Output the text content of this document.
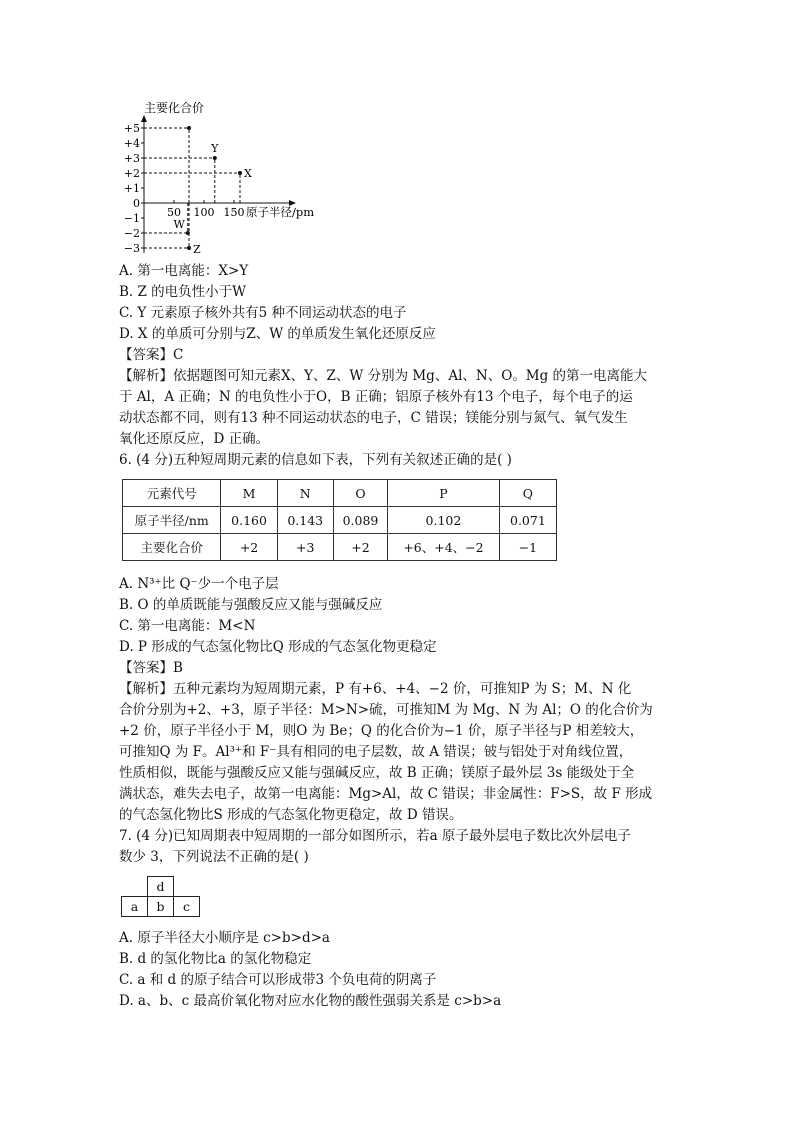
主要化合价
原子半径/pm
+5
+4
+3
+2
+1
0
−1
−2
−3
50 100 150
Y
X
W
Z
A. 第一电离能：X>Y
B. Z 的电负性小于W
C. Y 元素原子核外共有5 种不同运动状态的电子
D. X 的单质可分别与Z、W 的单质发生氧化还原反应
【答案】C
【解析】依据题图可知元素X、Y、Z、W 分别为 Mg、Al、N、O。Mg 的第一电离能大
于 Al，A 正确；N 的电负性小于O，B 正确；铝原子核外有13 个电子，每个电子的运
动状态都不同，则有13 种不同运动状态的电子，C 错误；镁能分别与氮气、氧气发生
氧化还原反应，D 正确。
6. (4 分)五种短周期元素的信息如下表，下列有关叙述正确的是( )
元素代号	M	N	O	P	Q
原子半径/nm	0.160	0.143	0.089	0.102	0.071
主要化合价	+2	+3	+2	+6、+4、−2	−1
A. N³⁺比 Q⁻少一个电子层
B. O 的单质既能与强酸反应又能与强碱反应
C. 第一电离能：M<N
D. P 形成的气态氢化物比Q 形成的气态氢化物更稳定
【答案】B
【解析】五种元素均为短周期元素，P 有+6、+4、−2 价，可推知P 为 S；M、N 化
合价分别为+2、+3，原子半径：M>N>硫，可推知M 为 Mg、N 为 Al；O 的化合价为
+2 价，原子半径小于 M，则O 为 Be；Q 的化合价为−1 价，原子半径与P 相差较大，
可推知Q 为 F。Al³⁺和 F⁻具有相同的电子层数，故 A 错误；铍与铝处于对角线位置，
性质相似，既能与强酸反应又能与强碱反应，故 B 正确；镁原子最外层 3s 能级处于全
满状态，难失去电子，故第一电离能：Mg>Al，故 C 错误；非金属性：F>S，故 F 形成
的气态氢化物比S 形成的气态氢化物更稳定，故 D 错误。
7. (4 分)已知周期表中短周期的一部分如图所示，若a 原子最外层电子数比次外层电子
数少 3，下列说法不正确的是( )
d
a	b	c
A. 原子半径大小顺序是 c>b>d>a
B. d 的氢化物比a 的氢化物稳定
C. a 和 d 的原子结合可以形成带3 个负电荷的阴离子
D. a、b、c 最高价氧化物对应水化物的酸性强弱关系是 c>b>a
